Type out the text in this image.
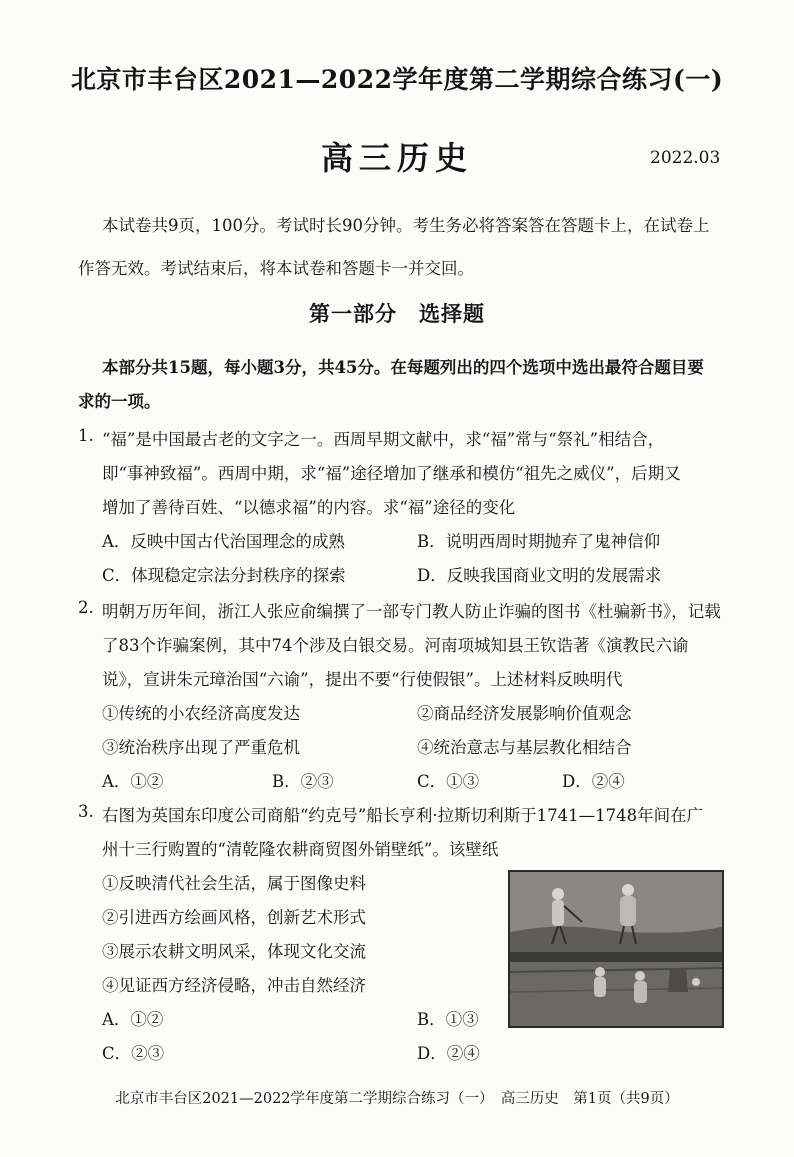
北京市丰台区2021—2022学年度第二学期综合练习(一)
高三历史	2022.03
本试卷共9页，100分。考试时长90分钟。考生务必将答案答在答题卡上，在试卷上
作答无效。考试结束后，将本试卷和答题卡一并交回。
第一部分　选择题
本部分共15题，每小题3分，共45分。在每题列出的四个选项中选出最符合题目要
求的一项。
1. “福”是中国最古老的文字之一。西周早期文献中，求“福”常与“祭礼”相结合，
即“事神致福”。西周中期，求“福”途径增加了继承和模仿“祖先之威仪”，后期又
增加了善待百姓、“以德求福”的内容。求“福”途径的变化
A．反映中国古代治国理念的成熟	B．说明西周时期抛弃了鬼神信仰
C．体现稳定宗法分封秩序的探索	D．反映我国商业文明的发展需求
2. 明朝万历年间，浙江人张应俞编撰了一部专门教人防止诈骗的图书《杜骗新书》，记载
了83个诈骗案例，其中74个涉及白银交易。河南项城知县王钦诰著《演教民六谕
说》，宣讲朱元璋治国“六谕”，提出不要“行使假银”。上述材料反映明代
①传统的小农经济高度发达	②商品经济发展影响价值观念
③统治秩序出现了严重危机	④统治意志与基层教化相结合
A．①②	B．②③	C．①③	D．②④
3. 右图为英国东印度公司商船“约克号”船长亨利·拉斯切利斯于1741—1748年间在广
州十三行购置的“清乾隆农耕商贸图外销壁纸”。该壁纸
①反映清代社会生活，属于图像史料
②引进西方绘画风格，创新艺术形式
③展示农耕文明风采，体现文化交流
④见证西方经济侵略，冲击自然经济
A．①②	B．①③
C．②③	D．②④
北京市丰台区2021—2022学年度第二学期综合练习（一）　高三历史　第1页（共9页）
